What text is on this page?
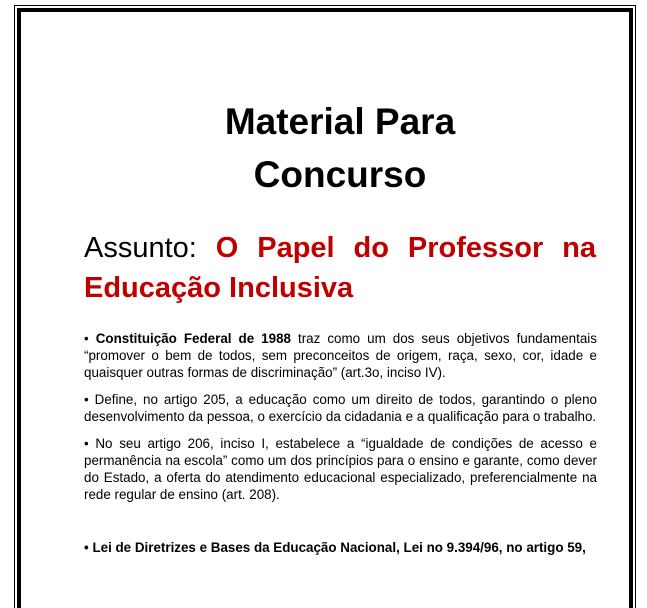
Material Para
Concurso

Assunto: O Papel do Professor na Educação Inclusiva

• Constituição Federal de 1988 traz como um dos seus objetivos fundamentais “promover o bem de todos, sem preconceitos de origem, raça, sexo, cor, idade e quaisquer outras formas de discriminação” (art.3o, inciso IV).

• Define, no artigo 205, a educação como um direito de todos, garantindo o pleno desenvolvimento da pessoa, o exercício da cidadania e a qualificação para o trabalho.

• No seu artigo 206, inciso I, estabelece a “igualdade de condições de acesso e permanência na escola” como um dos princípios para o ensino e garante, como dever do Estado, a oferta do atendimento educacional especializado, preferencialmente na rede regular de ensino (art. 208).

• Lei de Diretrizes e Bases da Educação Nacional, Lei no 9.394/96, no artigo 59,
